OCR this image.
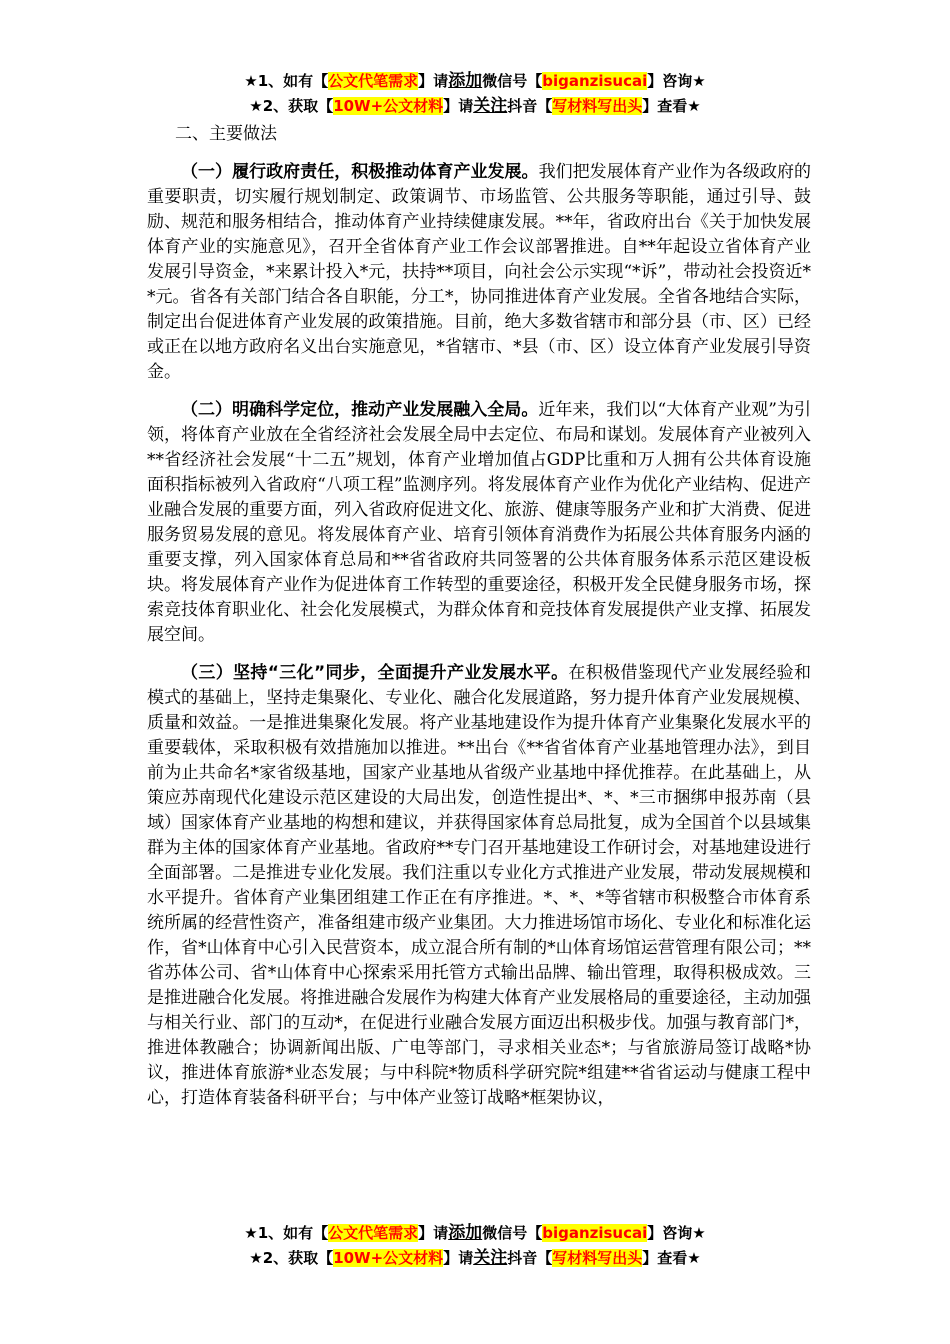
★1、如有【公文代笔需求】请添加微信号【biganzisucai】咨询★
★2、获取【10W+公文材料】请关注抖音【写材料写出头】查看★
二、主要做法

（一）履行政府责任，积极推动体育产业发展。我们把发展体育产业作为各级政府的重要职责，切实履行规划制定、政策调节、市场监管、公共服务等职能，通过引导、鼓励、规范和服务相结合，推动体育产业持续健康发展。**年，省政府出台《关于加快发展体育产业的实施意见》，召开全省体育产业工作会议部署推进。自**年起设立省体育产业发展引导资金，*来累计投入*元，扶持**项目，向社会公示实现“*诉”，带动社会投资近**元。省各有关部门结合各自职能，分工*，协同推进体育产业发展。全省各地结合实际，制定出台促进体育产业发展的政策措施。目前，绝大多数省辖市和部分县（市、区）已经或正在以地方政府名义出台实施意见，*省辖市、*县（市、区）设立体育产业发展引导资金。

（二）明确科学定位，推动产业发展融入全局。近年来，我们以“大体育产业观”为引领，将体育产业放在全省经济社会发展全局中去定位、布局和谋划。发展体育产业被列入**省经济社会发展“十二五”规划，体育产业增加值占GDP比重和万人拥有公共体育设施面积指标被列入省政府“八项工程”监测序列。将发展体育产业作为优化产业结构、促进产业融合发展的重要方面，列入省政府促进文化、旅游、健康等服务产业和扩大消费、促进服务贸易发展的意见。将发展体育产业、培育引领体育消费作为拓展公共体育服务内涵的重要支撑，列入国家体育总局和**省省政府共同签署的公共体育服务体系示范区建设板块。将发展体育产业作为促进体育工作转型的重要途径，积极开发全民健身服务市场，探索竞技体育职业化、社会化发展模式，为群众体育和竞技体育发展提供产业支撑、拓展发展空间。

（三）坚持“三化”同步，全面提升产业发展水平。在积极借鉴现代产业发展经验和模式的基础上，坚持走集聚化、专业化、融合化发展道路，努力提升体育产业发展规模、质量和效益。一是推进集聚化发展。将产业基地建设作为提升体育产业集聚化发展水平的重要载体，采取积极有效措施加以推进。**出台《**省省体育产业基地管理办法》，到目前为止共命名*家省级基地，国家产业基地从省级产业基地中择优推荐。在此基础上，从策应苏南现代化建设示范区建设的大局出发，创造性提出*、*、*三市捆绑申报苏南（县域）国家体育产业基地的构想和建议，并获得国家体育总局批复，成为全国首个以县域集群为主体的国家体育产业基地。省政府**专门召开基地建设工作研讨会，对基地建设进行全面部署。二是推进专业化发展。我们注重以专业化方式推进产业发展，带动发展规模和水平提升。省体育产业集团组建工作正在有序推进。*、*、*等省辖市积极整合市体育系统所属的经营性资产，准备组建市级产业集团。大力推进场馆市场化、专业化和标准化运作，省*山体育中心引入民营资本，成立混合所有制的*山体育场馆运营管理有限公司；**省苏体公司、省*山体育中心探索采用托管方式输出品牌、输出管理，取得积极成效。三是推进融合化发展。将推进融合发展作为构建大体育产业发展格局的重要途径，主动加强与相关行业、部门的互动*，在促进行业融合发展方面迈出积极步伐。加强与教育部门*，推进体教融合；协调新闻出版、广电等部门，寻求相关业态*；与省旅游局签订战略*协议，推进体育旅游*业态发展；与中科院*物质科学研究院*组建**省省运动与健康工程中心，打造体育装备科研平台；与中体产业签订战略*框架协议，

★1、如有【公文代笔需求】请添加微信号【biganzisucai】咨询★
★2、获取【10W+公文材料】请关注抖音【写材料写出头】查看★
